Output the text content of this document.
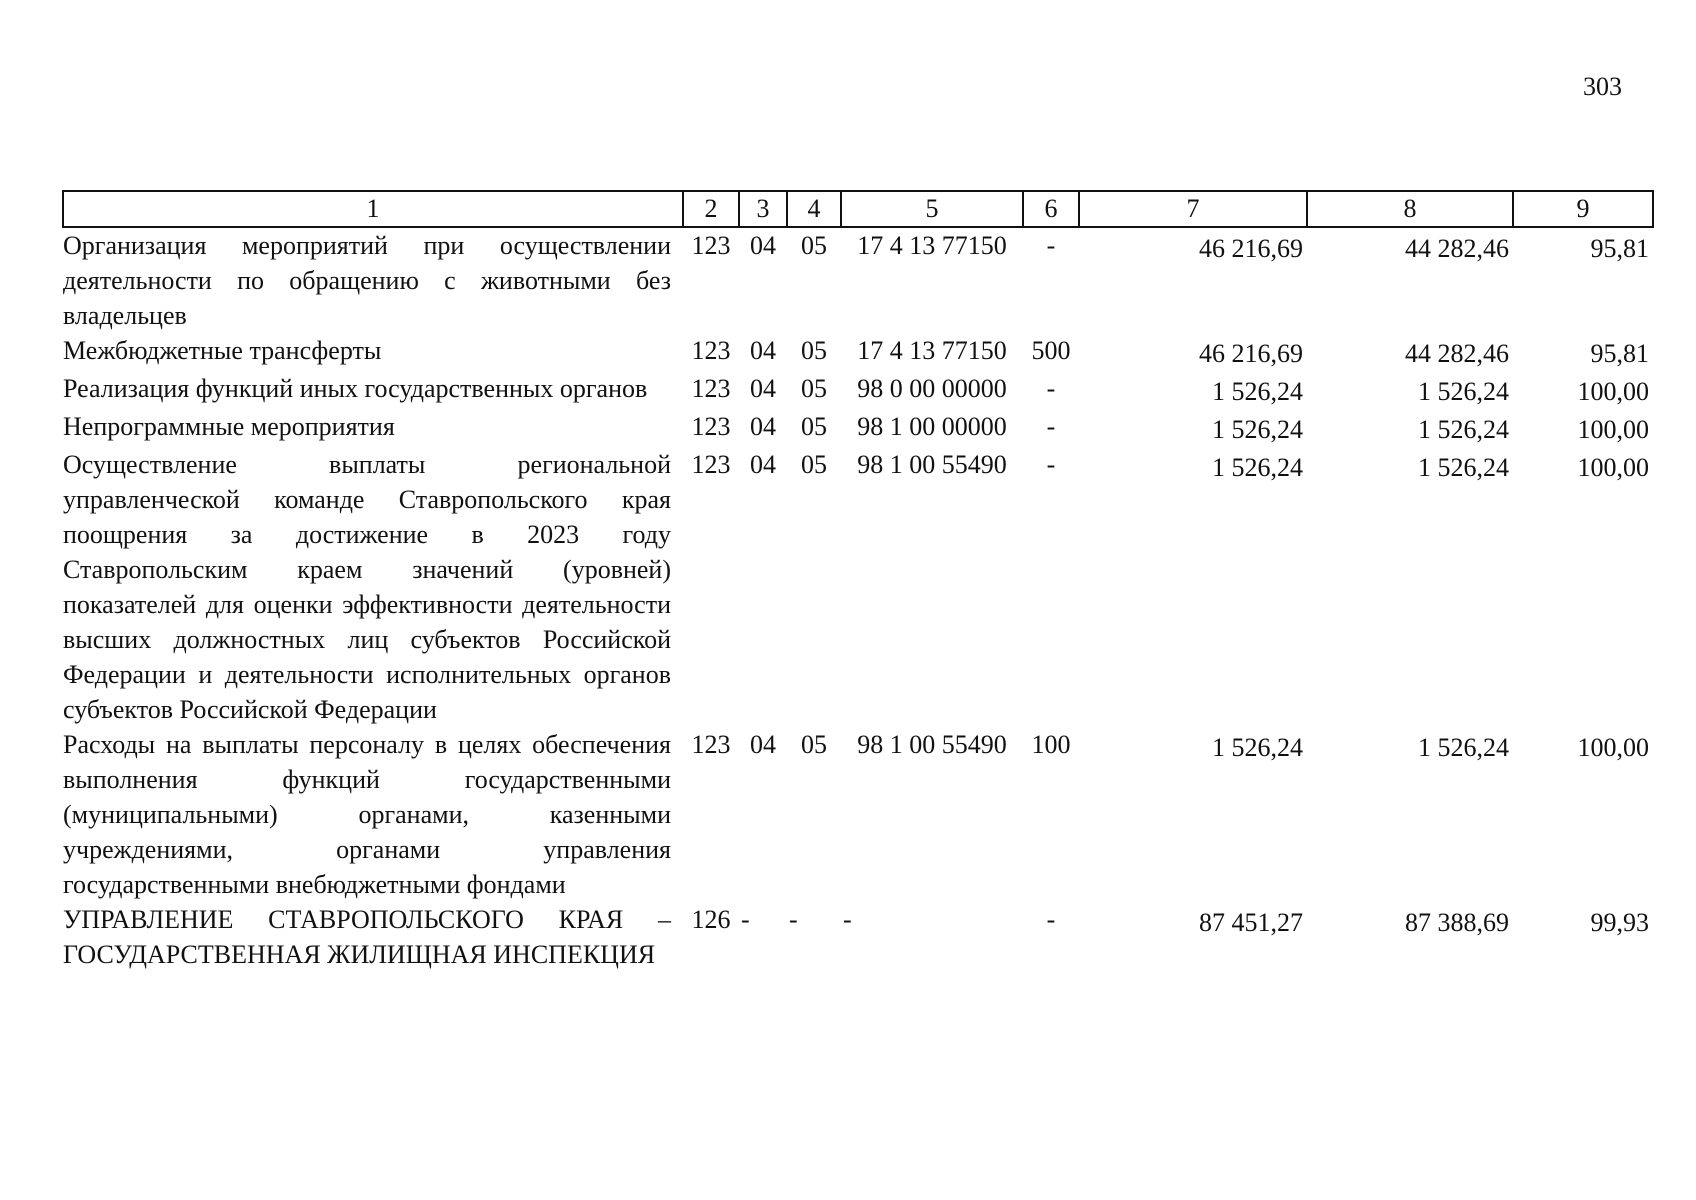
303
1	2	3	4	5	6	7	8	9
Организация мероприятий при осуществлении деятельности по обращению с животными без владельцев	123	04	05	17 4 13 77150	-	46 216,69	44 282,46	95,81
Межбюджетные трансферты	123	04	05	17 4 13 77150	500	46 216,69	44 282,46	95,81
Реализация функций иных государственных органов	123	04	05	98 0 00 00000	-	1 526,24	1 526,24	100,00
Непрограммные мероприятия	123	04	05	98 1 00 00000	-	1 526,24	1 526,24	100,00
Осуществление выплаты региональной управленческой команде Ставропольского края поощрения за достижение в 2023 году Ставропольским краем значений (уровней) показателей для оценки эффективности деятельности высших должностных лиц субъектов Российской Федерации и деятельности исполнительных органов субъектов Российской Федерации	123	04	05	98 1 00 55490	-	1 526,24	1 526,24	100,00
Расходы на выплаты персоналу в целях обеспечения выполнения функций государственными (муниципальными) органами, казенными учреждениями, органами управления государственными внебюджетными фондами	123	04	05	98 1 00 55490	100	1 526,24	1 526,24	100,00
УПРАВЛЕНИЕ СТАВРОПОЛЬСКОГО КРАЯ – ГОСУДАРСТВЕННАЯ ЖИЛИЩНАЯ ИНСПЕКЦИЯ	126	-	-	-	-	87 451,27	87 388,69	99,93
